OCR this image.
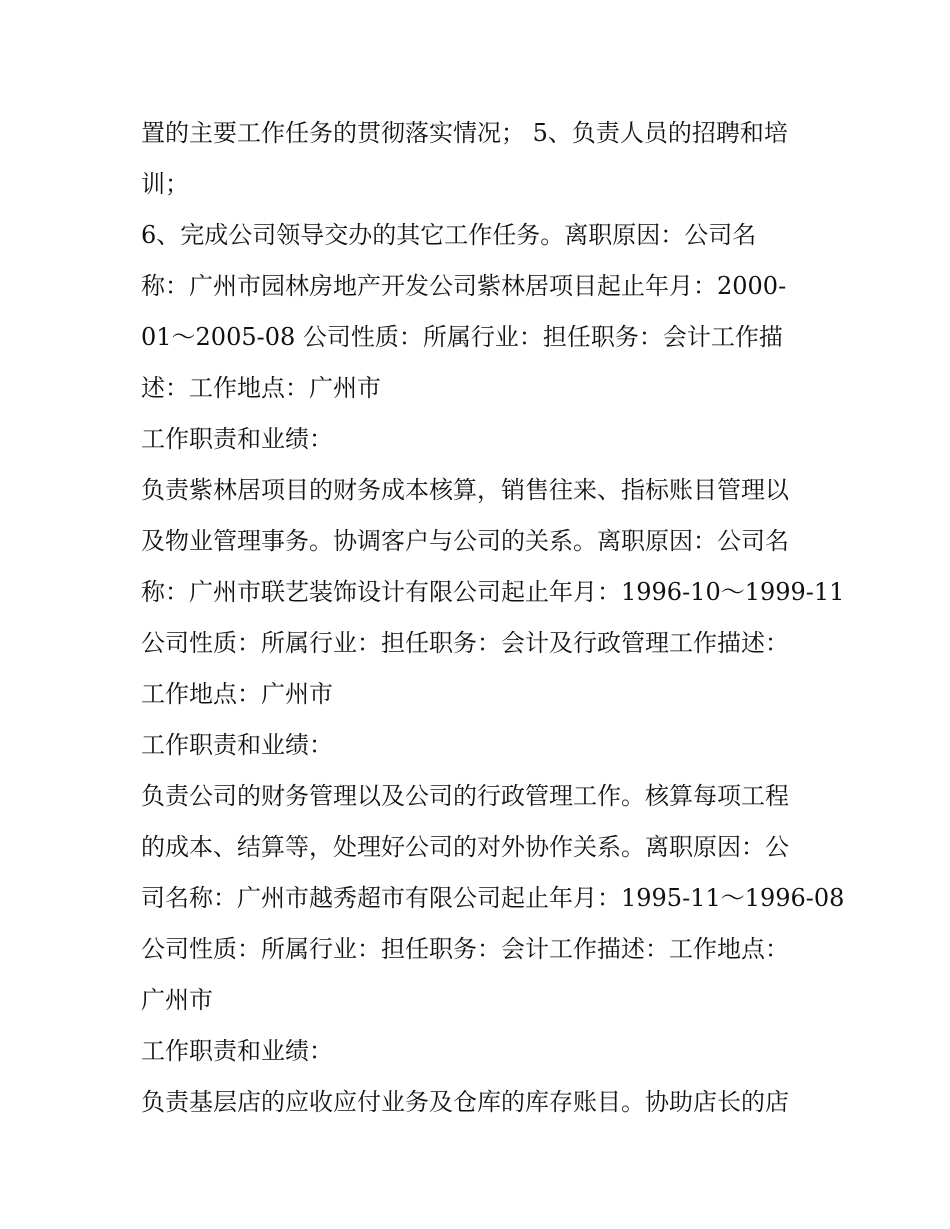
置的主要工作任务的贯彻落实情况； 5、负责人员的招聘和培
训；
6、完成公司领导交办的其它工作任务。离职原因：公司名
称：广州市园林房地产开发公司紫林居项目起止年月：2000-
01～2005-08 公司性质：所属行业：担任职务：会计工作描
述：工作地点：广州市
工作职责和业绩：
负责紫林居项目的财务成本核算，销售往来、指标账目管理以
及物业管理事务。协调客户与公司的关系。离职原因：公司名
称：广州市联艺装饰设计有限公司起止年月：1996-10～1999-11
公司性质：所属行业：担任职务：会计及行政管理工作描述：
工作地点：广州市
工作职责和业绩：
负责公司的财务管理以及公司的行政管理工作。核算每项工程
的成本、结算等，处理好公司的对外协作关系。离职原因：公
司名称：广州市越秀超市有限公司起止年月：1995-11～1996-08
公司性质：所属行业：担任职务：会计工作描述：工作地点：
广州市
工作职责和业绩：
负责基层店的应收应付业务及仓库的库存账目。协助店长的店
